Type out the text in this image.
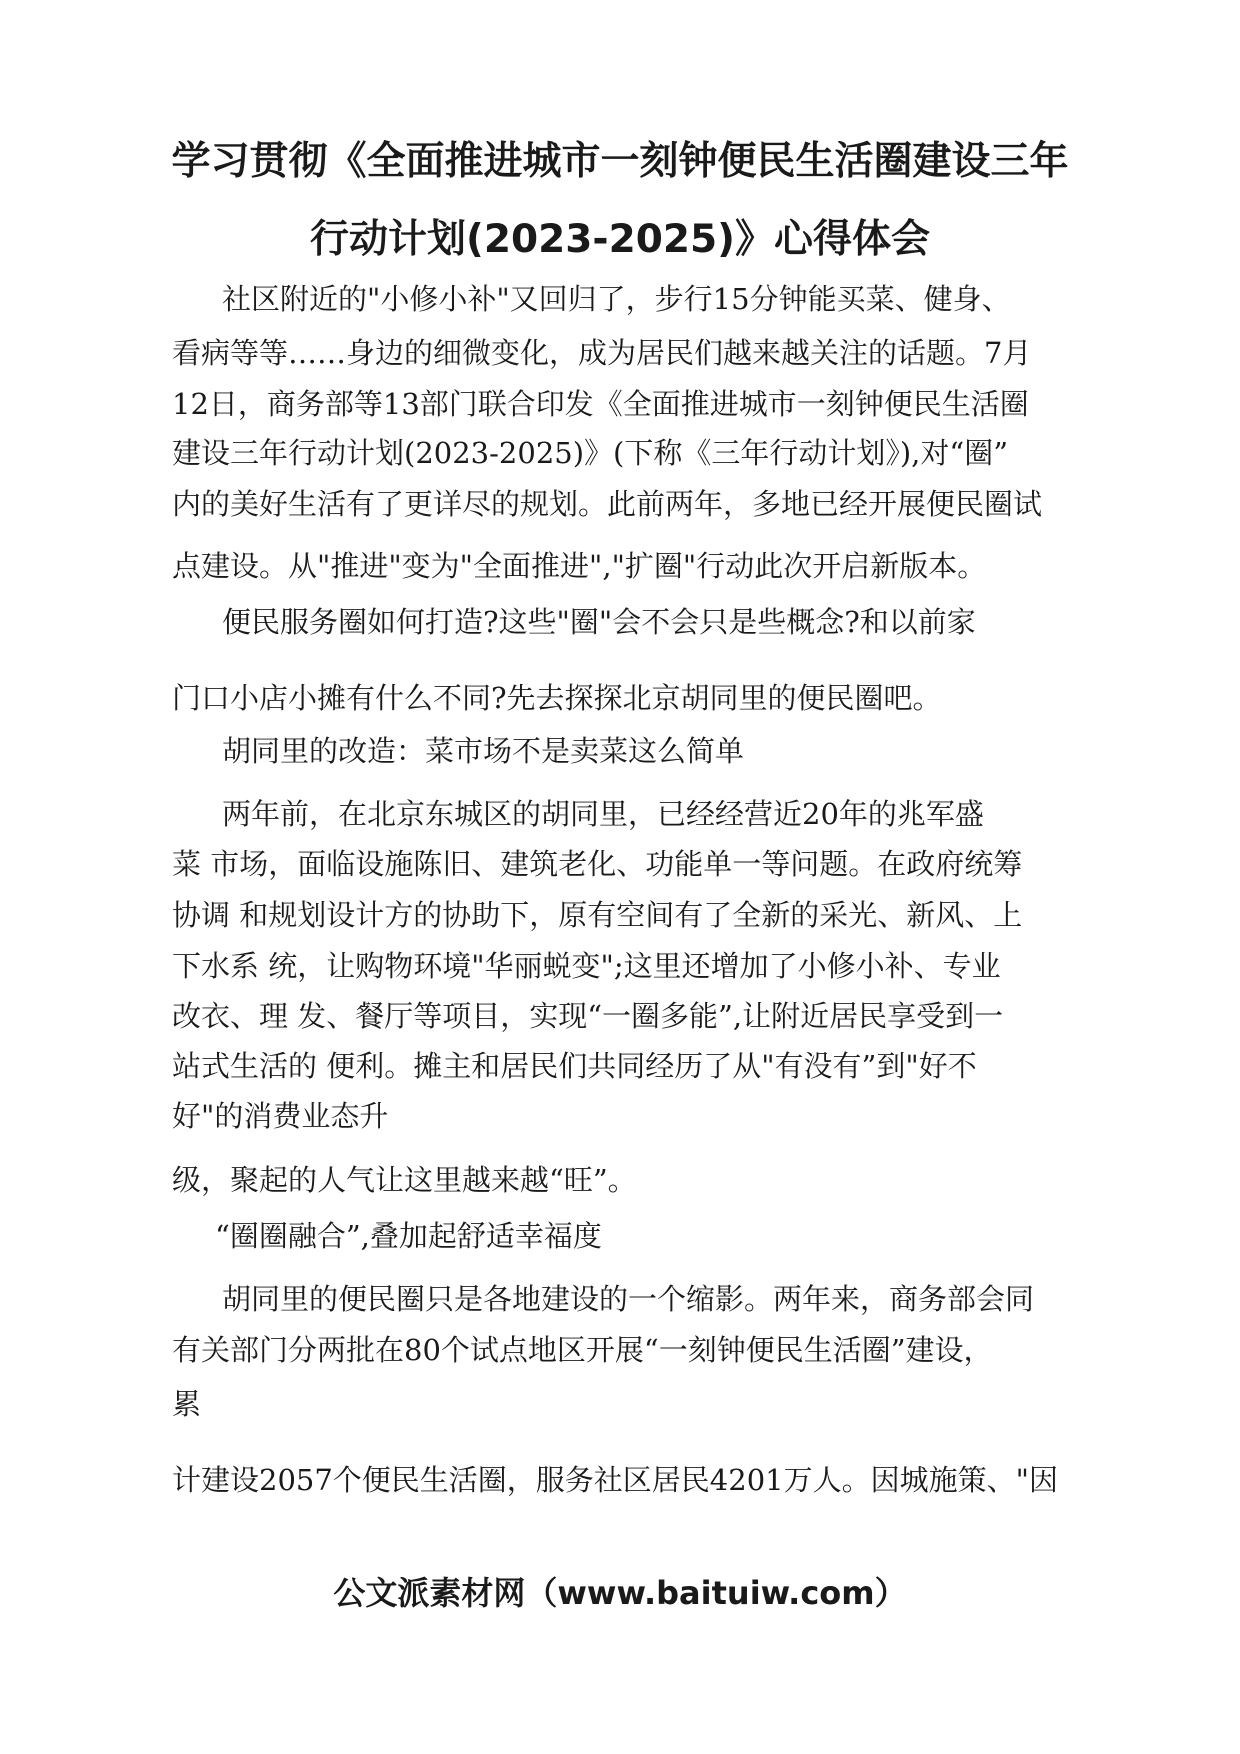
学习贯彻《全面推进城市一刻钟便民生活圈建设三年
行动计划(2023-2025)》心得体会

社区附近的"小修小补"又回归了，步行15分钟能买菜、健身、

看病等等……身边的细微变化，成为居民们越来越关注的话题。7月

12日，商务部等13部门联合印发《全面推进城市一刻钟便民生活圈

建设三年行动计划(2023-2025)》(下称《三年行动计划》),对“圈”

内的美好生活有了更详尽的规划。此前两年，多地已经开展便民圈试

点建设。从"推进"变为"全面推进","扩圈"行动此次开启新版本。

便民服务圈如何打造?这些"圈"会不会只是些概念?和以前家

门口小店小摊有什么不同?先去探探北京胡同里的便民圈吧。

胡同里的改造：菜市场不是卖菜这么简单

两年前，在北京东城区的胡同里，已经经营近20年的兆军盛

菜 市场，面临设施陈旧、建筑老化、功能单一等问题。在政府统筹

协调 和规划设计方的协助下，原有空间有了全新的采光、新风、上

下水系 统，让购物环境"华丽蜕变";这里还增加了小修小补、专业

改衣、理 发、餐厅等项目，实现“一圈多能”,让附近居民享受到一

站式生活的 便利。摊主和居民们共同经历了从"有没有”到"好不

好"的消费业态升

级，聚起的人气让这里越来越“旺”。

“圈圈融合”,叠加起舒适幸福度

胡同里的便民圈只是各地建设的一个缩影。两年来，商务部会同

有关部门分两批在80个试点地区开展“一刻钟便民生活圈”建设，

累

计建设2057个便民生活圈，服务社区居民4201万人。因城施策、"因

公文派素材网（www.baituiw.com）
